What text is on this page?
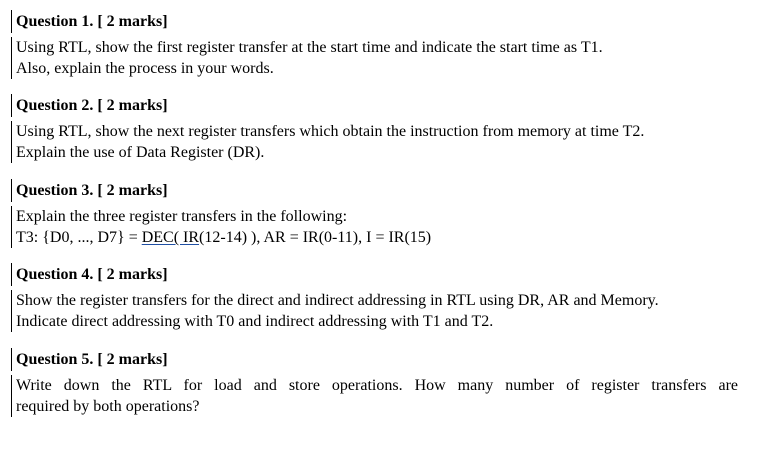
Question 1. [ 2 marks]
Using RTL, show the first register transfer at the start time and indicate the start time as T1.
Also, explain the process in your words.
Question 2. [ 2 marks]
Using RTL, show the next register transfers which obtain the instruction from memory at time T2.
Explain the use of Data Register (DR).
Question 3. [ 2 marks]
Explain the three register transfers in the following:
T3: {D0, ..., D7} = DEC( IR(12-14) ), AR = IR(0-11), I = IR(15)
Question 4. [ 2 marks]
Show the register transfers for the direct and indirect addressing in RTL using DR, AR and Memory.
Indicate direct addressing with T0 and indirect addressing with T1 and T2.
Question 5. [ 2 marks]
Write down the RTL for load and store operations. How many number of register transfers are
required by both operations?
